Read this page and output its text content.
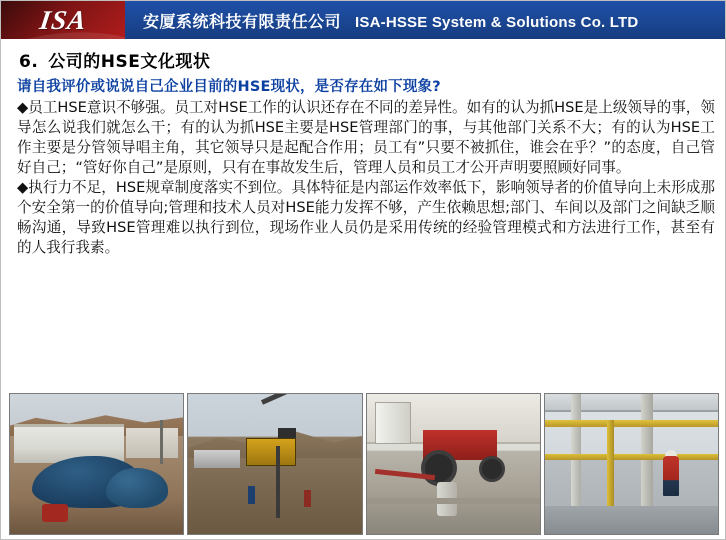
ISA	安厦系统科技有限责任公司 ISA-HSSE System & Solutions Co. LTD
6. 公司的HSE文化现状
请自我评价或说说自己企业目前的HSE现状，是否存在如下现象?

◆员工HSE意识不够强。员工对HSE工作的认识还存在不同的差异性。如有的认为抓HSE是上级领导的事，领导怎么说我们就怎么干；有的认为抓HSE主要是HSE管理部门的事，与其他部门关系不大；有的认为HSE工作主要是分管领导唱主角，其它领导只是起配合作用；员工有”只要不被抓住，谁会在乎？”的态度，自己管好自己；“管好你自己”是原则，只有在事故发生后，管理人员和员工才公开声明要照顾好同事。

◆执行力不足，HSE规章制度落实不到位。具体特征是内部运作效率低下，影响领导者的价值导向上未形成那个安全第一的价值导向;管理和技术人员对HSE能力发挥不够，产生依赖思想;部门、车间以及部门之间缺乏顺畅沟通，导致HSE管理难以执行到位，现场作业人员仍是采用传统的经验管理模式和方法进行工作，甚至有的人我行我素。
